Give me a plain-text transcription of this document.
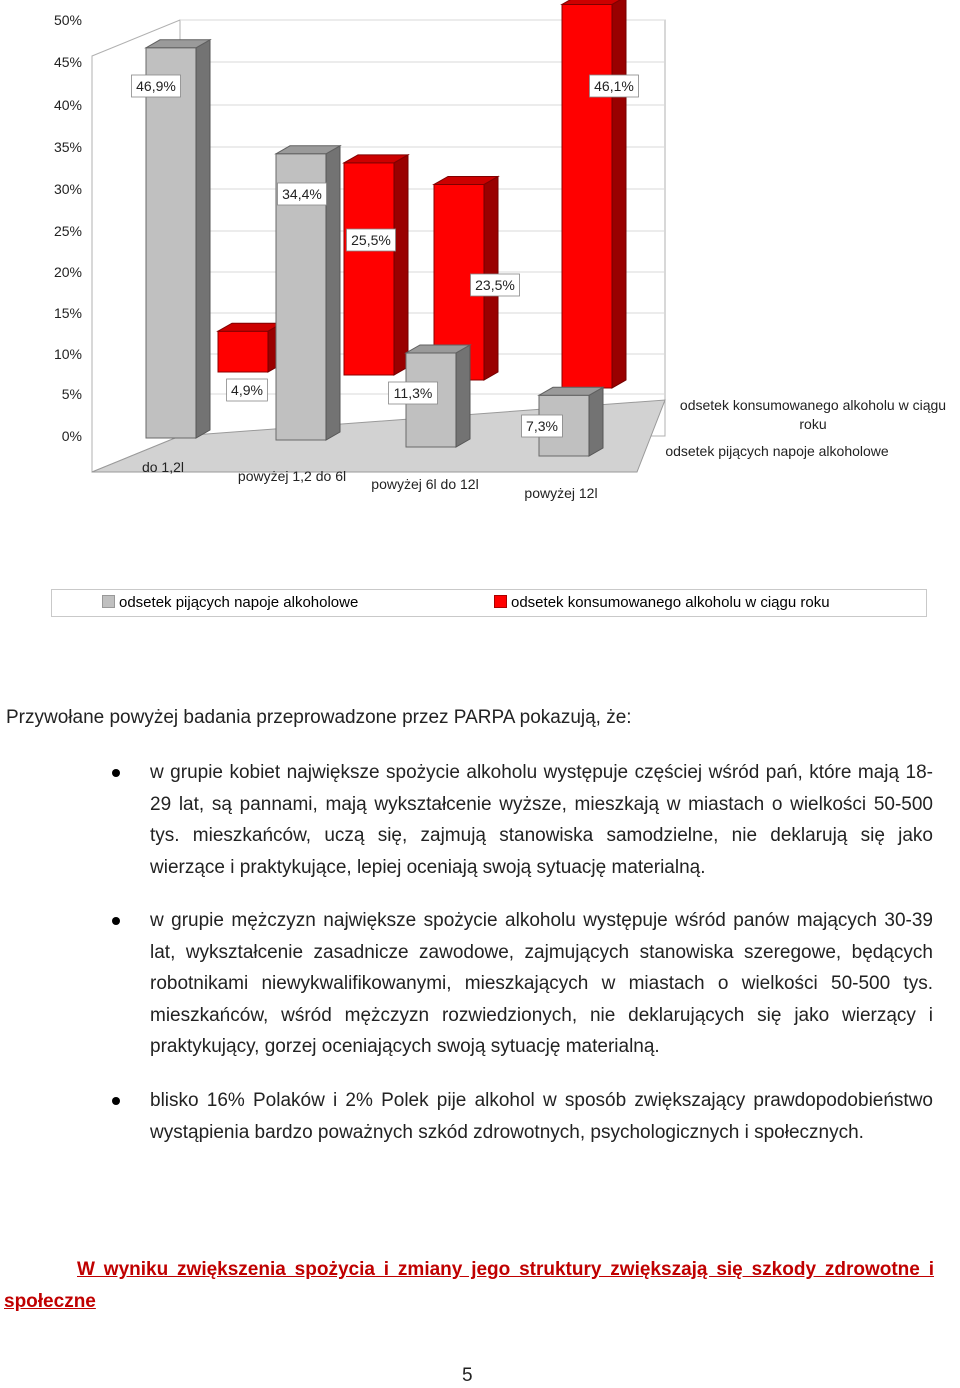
0%
5%
10%
15%
20%
25%
30%
35%
40%
45%
50%
46,9%
34,4%
11,3%
7,3%
4,9%
25,5%
23,5%
46,1%
do 1,2l
powyżej 1,2 do 6l powyżej 6l do 12l
powyżej 12l
odsetek konsumowanego alkoholu w ciągu
roku
odsetek pijących napoje alkoholowe
odsetek pijących napoje alkoholowe	odsetek konsumowanego alkoholu w ciągu roku
Przywołane powyżej badania przeprowadzone przez PARPA pokazują, że:
w grupie kobiet największe spożycie alkoholu występuje częściej wśród pań, które mają 18-29 lat, są pannami, mają wykształcenie wyższe, mieszkają w miastach o wielkości 50-500 tys. mieszkańców, uczą się, zajmują stanowiska samodzielne, nie deklarują się jako wierzące i praktykujące, lepiej oceniają swoją sytuację materialną.
w grupie mężczyzn największe spożycie alkoholu występuje wśród panów mających 30-39 lat, wykształcenie zasadnicze zawodowe, zajmujących stanowiska szeregowe, będących robotnikami niewykwalifikowanymi, mieszkających w miastach o wielkości 50-500 tys. mieszkańców, wśród mężczyzn rozwiedzionych, nie deklarujących się jako wierzący i praktykujący, gorzej oceniających swoją sytuację materialną.
blisko 16% Polaków i 2% Polek pije alkohol w sposób zwiększający prawdopodobieństwo wystąpienia bardzo poważnych szkód zdrowotnych, psychologicznych i społecznych.
W wyniku zwiększenia spożycia i zmiany jego struktury zwiększają się szkody zdrowotne i społeczne
5
